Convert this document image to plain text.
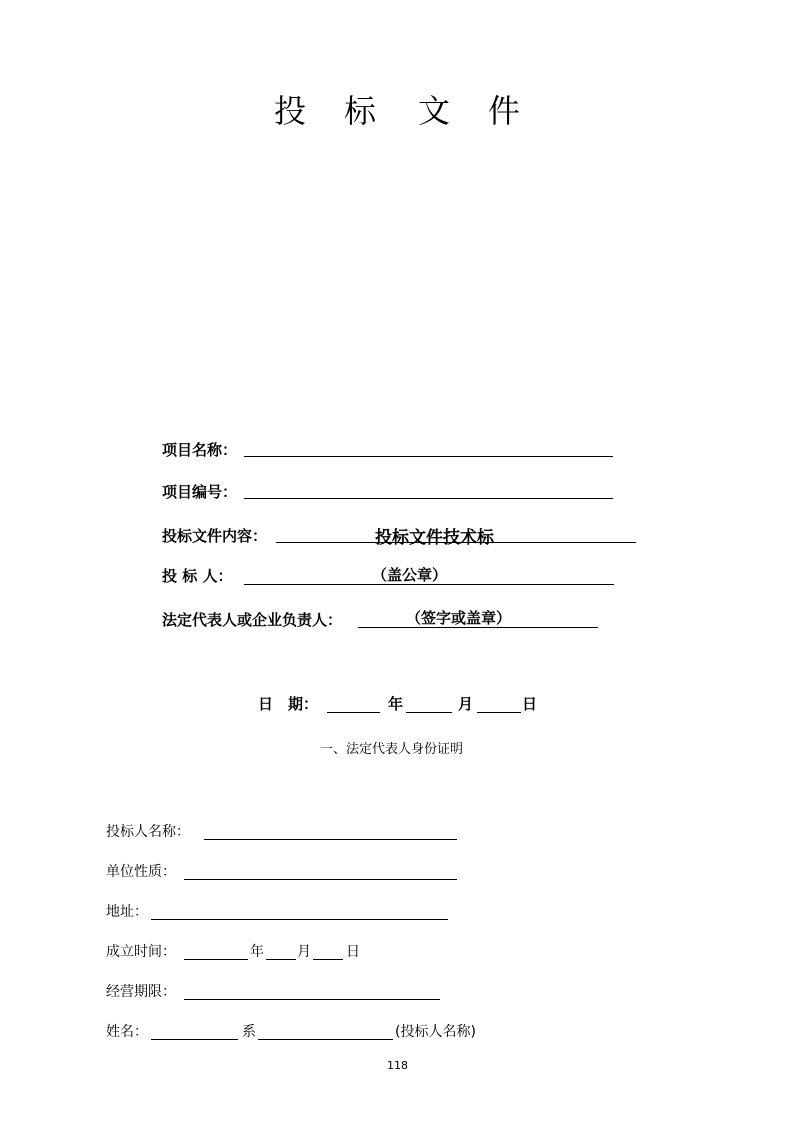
投 标 文 件
项目名称：
项目编号：
投标文件内容：	投标文件技术标
投 标 人：	（盖公章）
法定代表人或企业负责人：	（签字或盖章）
日　期：	年	月	日
一、法定代表人身份证明
投标人名称：
单位性质：
地址：
成立时间：	年 月	日
经营期限：
姓名：	系	(投标人名称)
118
